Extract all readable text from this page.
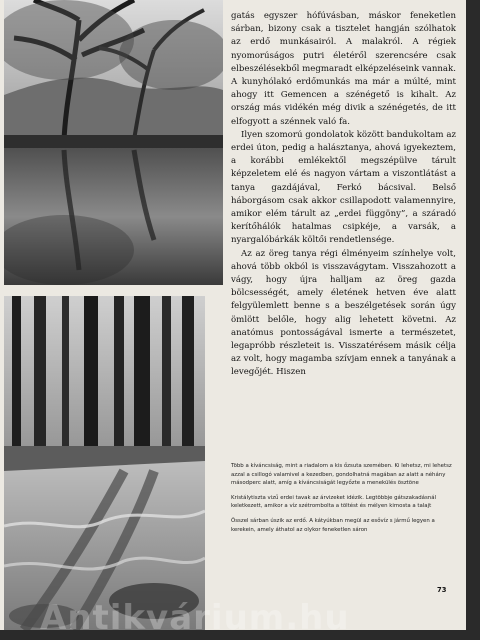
gatás egyszer hófúvásban, máskor feneketlen sárban, bizony csak a tisztelet hangján szólhatok az erdő munkásairól. A malakról. A régiek nyomorúságos putri életéről szerencsére csak elbeszélésekből megmaradt elképzeléseink vannak. A kunyhólakó erdőmunkás ma már a múlté, mint ahogy itt Gemencen a szénégető is kihalt. Az ország más vidékén még divik a szénégetés, de itt elfogyott a szénnek való fa.

Ilyen szomorú gondolatok között bandukoltam az erdei úton, pedig a halásztanya, ahová igyekeztem, a korábbi emlékektől megszépülve tárult képzeletem elé és nagyon vártam a viszontlátást a tanya gazdájával, Ferkó bácsival. Belső háborgásom csak akkor csillapodott valamennyire, amikor elém tárult az „erdei függöny”, a száradó kerítőhálók hatalmas csipkéje, a varsák, a nyargalóbárkák költői rendetlensége.

Az az öreg tanya régi élményeim színhelye volt, ahová több okból is visszavágytam. Visszahozott a vágy, hogy újra halljam az öreg gazda bölcsességét, amely életének hetven éve alatt felgyülemlett benne s a beszélgetések során úgy ömlött belőle, hogy alig lehetett követni. Az anatómus pontosságával ismerte a természetet, legapróbb részleteit is. Visszatérésem másik célja az volt, hogy magamba szívjam ennek a tanyának a levegőjét. Hiszen

Több a kíváncsiság, mint a riadalom a kis őzsuta szemében. Ki lehetsz, mi lehetsz azzal a csillogó valamivel a kezedben, gondolhatná magában az alatt a néhány másodperc alatt, amíg a kíváncsiságát legyőzte a menekülés ösztöne

Kristálytiszta vizű erdei tavak az árvizeket idézik. Legtöbbje gátszakadásnál keletkezett, amikor a víz szétrombolta a töltést és mélyen kimosta a talajt

Ősszel sárban úszik az erdő. A kátyúkban megül az esővíz s jármű legyen a kerekein, amely áthatol az olykor feneketlen sáron

73
Antikvárium.hu
